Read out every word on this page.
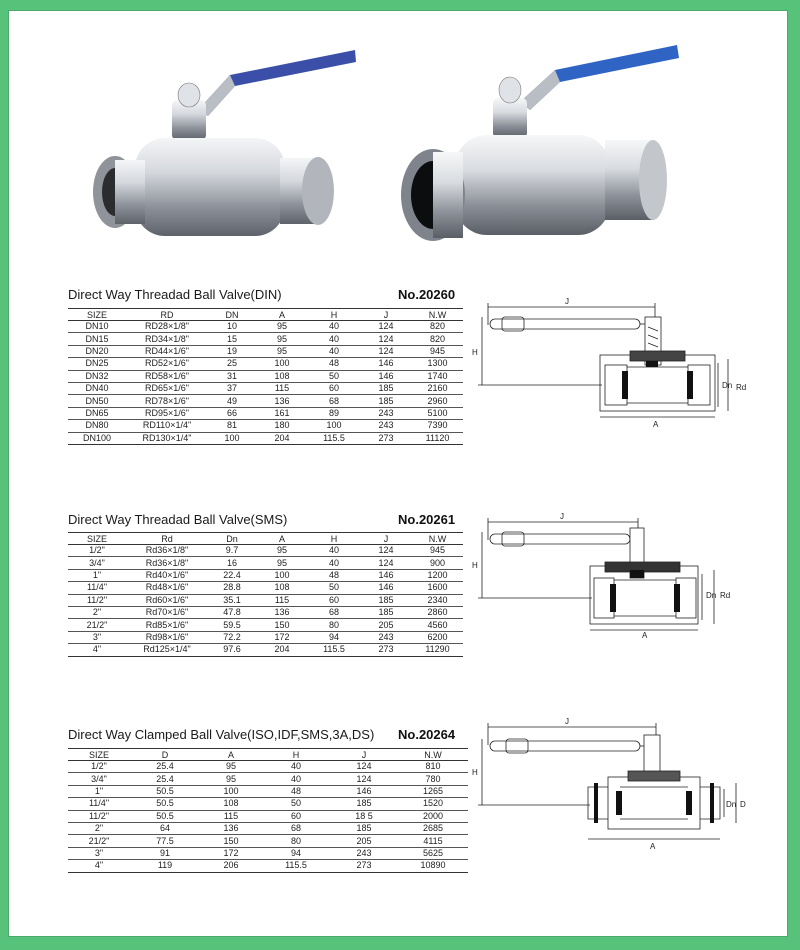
Direct Way Threadad Ball Valve(DIN)	No.20260
SIZE	RD	DN	A	H	J	N.W
DN10	RD28×1/8"	10	95	40	124	820
DN15	RD34×1/8"	15	95	40	124	820
DN20	RD44×1/6"	19	95	40	124	945
DN25	RD52×1/6"	25	100	48	146	1300
DN32	RD58×1/6"	31	108	50	146	1740
DN40	RD65×1/6"	37	115	60	185	2160
DN50	RD78×1/6"	49	136	68	185	2960
DN65	RD95×1/6"	66	161	89	243	5100
DN80	RD110×1/4"	81	180	100	243	7390
DN100	RD130×1/4"	100	204	115.5	273	11120
J
H
Rd
Dn
A
Direct Way Threadad Ball Valve(SMS)	No.20261
SIZE	Rd	Dn	A	H	J	N.W
1/2"	Rd36×1/8"	9.7	95	40	124	945
3/4"	Rd36×1/8"	16	95	40	124	900
1"	Rd40×1/6"	22.4	100	48	146	1200
11/4"	Rd48×1/6"	28.8	108	50	146	1600
11/2"	Rd60×1/6"	35.1	115	60	185	2340
2"	Rd70×1/6"	47.8	136	68	185	2860
21/2"	Rd85×1/6"	59.5	150	80	205	4560
3"	Rd98×1/6"	72.2	172	94	243	6200
4"	Rd125×1/4"	97.6	204	115.5	273	11290
J
H
Rd
Dn
A
Direct Way Clamped Ball Valve(ISO,IDF,SMS,3A,DS) No.20264
SIZE	D	A	H	J	N.W
1/2"	25.4	95	40	124	810
3/4"	25.4	95	40	124	780
1"	50.5	100	48	146	1265
11/4"	50.5	108	50	185	1520
11/2"	50.5	115	60	18 5	2000
2"	64	136	68	185	2685
21/2"	77.5	150	80	205	4115
3"	91	172	94	243	5625
4"	119	206	115.5	273	10890
J
H
Dn D
A
